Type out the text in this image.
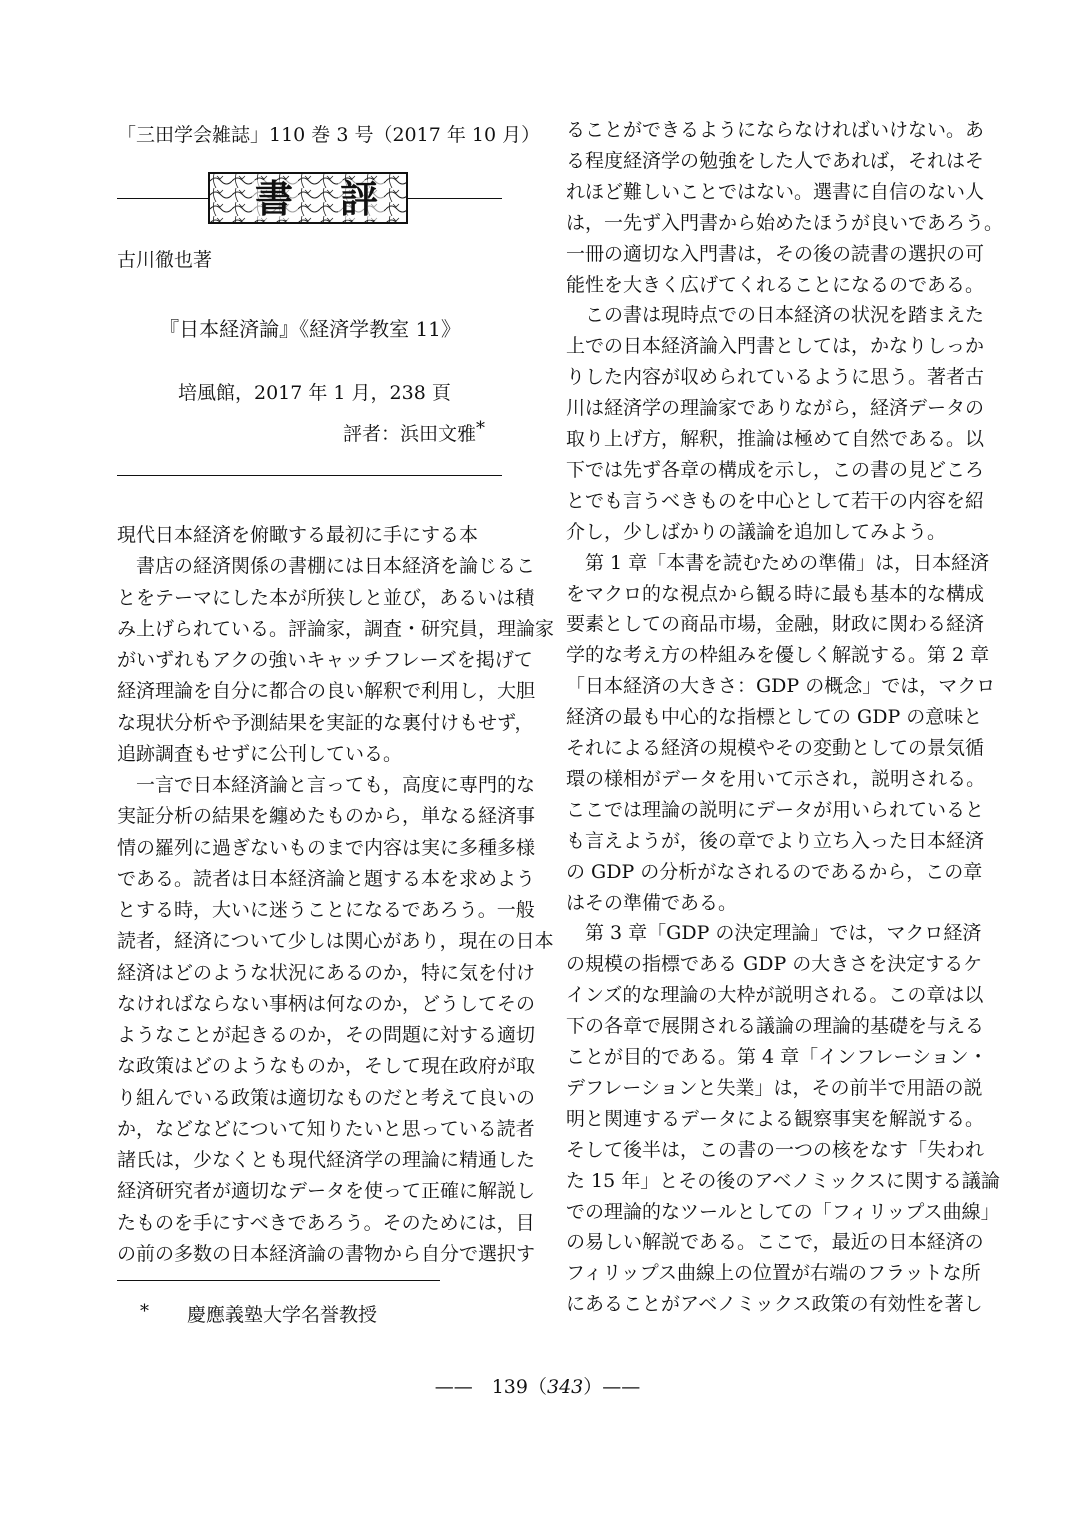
「三田学会雑誌」110 巻 3 号（2017 年 10 月）
書 評
古川徹也著
『日本経済論』《経済学教室 11》
培風館，2017 年 1 月，238 頁
評者：浜田文雅*
現代日本経済を俯瞰する最初に手にする本
　書店の経済関係の書棚には日本経済を論じるこ
とをテーマにした本が所狭しと並び，あるいは積
み上げられている。評論家，調査・研究員，理論家
がいずれもアクの強いキャッチフレーズを掲げて
経済理論を自分に都合の良い解釈で利用し，大胆
な現状分析や予測結果を実証的な裏付けもせず，
追跡調査もせずに公刊している。
　一言で日本経済論と言っても，高度に専門的な
実証分析の結果を纏めたものから，単なる経済事
情の羅列に過ぎないものまで内容は実に多種多様
である。読者は日本経済論と題する本を求めよう
とする時，大いに迷うことになるであろう。一般
読者，経済について少しは関心があり，現在の日本
経済はどのような状況にあるのか，特に気を付け
なければならない事柄は何なのか，どうしてその
ようなことが起きるのか，その問題に対する適切
な政策はどのようなものか，そして現在政府が取
り組んでいる政策は適切なものだと考えて良いの
か，などなどについて知りたいと思っている読者
諸氏は，少なくとも現代経済学の理論に精通した
経済研究者が適切なデータを使って正確に解説し
たものを手にすべきであろう。そのためには，目
の前の多数の日本経済論の書物から自分で選択す
ることができるようにならなければいけない。あ
る程度経済学の勉強をした人であれば，それはそ
れほど難しいことではない。選書に自信のない人
は，一先ず入門書から始めたほうが良いであろう。
一冊の適切な入門書は，その後の読書の選択の可
能性を大きく広げてくれることになるのである。
　この書は現時点での日本経済の状況を踏まえた
上での日本経済論入門書としては，かなりしっか
りした内容が収められているように思う。著者古
川は経済学の理論家でありながら，経済データの
取り上げ方，解釈，推論は極めて自然である。以
下では先ず各章の構成を示し，この書の見どころ
とでも言うべきものを中心として若干の内容を紹
介し，少しばかりの議論を追加してみよう。
　第 1 章「本書を読むための準備」は，日本経済
をマクロ的な視点から観る時に最も基本的な構成
要素としての商品市場，金融，財政に関わる経済
学的な考え方の枠組みを優しく解説する。第 2 章
「日本経済の大きさ：GDP の概念」では，マクロ
経済の最も中心的な指標としての GDP の意味と
それによる経済の規模やその変動としての景気循
環の様相がデータを用いて示され，説明される。
ここでは理論の説明にデータが用いられていると
も言えようが，後の章でより立ち入った日本経済
の GDP の分析がなされるのであるから，この章
はその準備である。
　第 3 章「GDP の決定理論」では，マクロ経済
の規模の指標である GDP の大きさを決定するケ
インズ的な理論の大枠が説明される。この章は以
下の各章で展開される議論の理論的基礎を与える
ことが目的である。第 4 章「インフレーション・
デフレーションと失業」は，その前半で用語の説
明と関連するデータによる観察事実を解説する。
そして後半は，この書の一つの核をなす「失われ
た 15 年」とその後のアベノミックスに関する議論
での理論的なツールとしての「フィリップス曲線」
の易しい解説である。ここで，最近の日本経済の
フィリップス曲線上の位置が右端のフラットな所
にあることがアベノミックス政策の有効性を著し
* 慶應義塾大学名誉教授
——　 139（343）——
